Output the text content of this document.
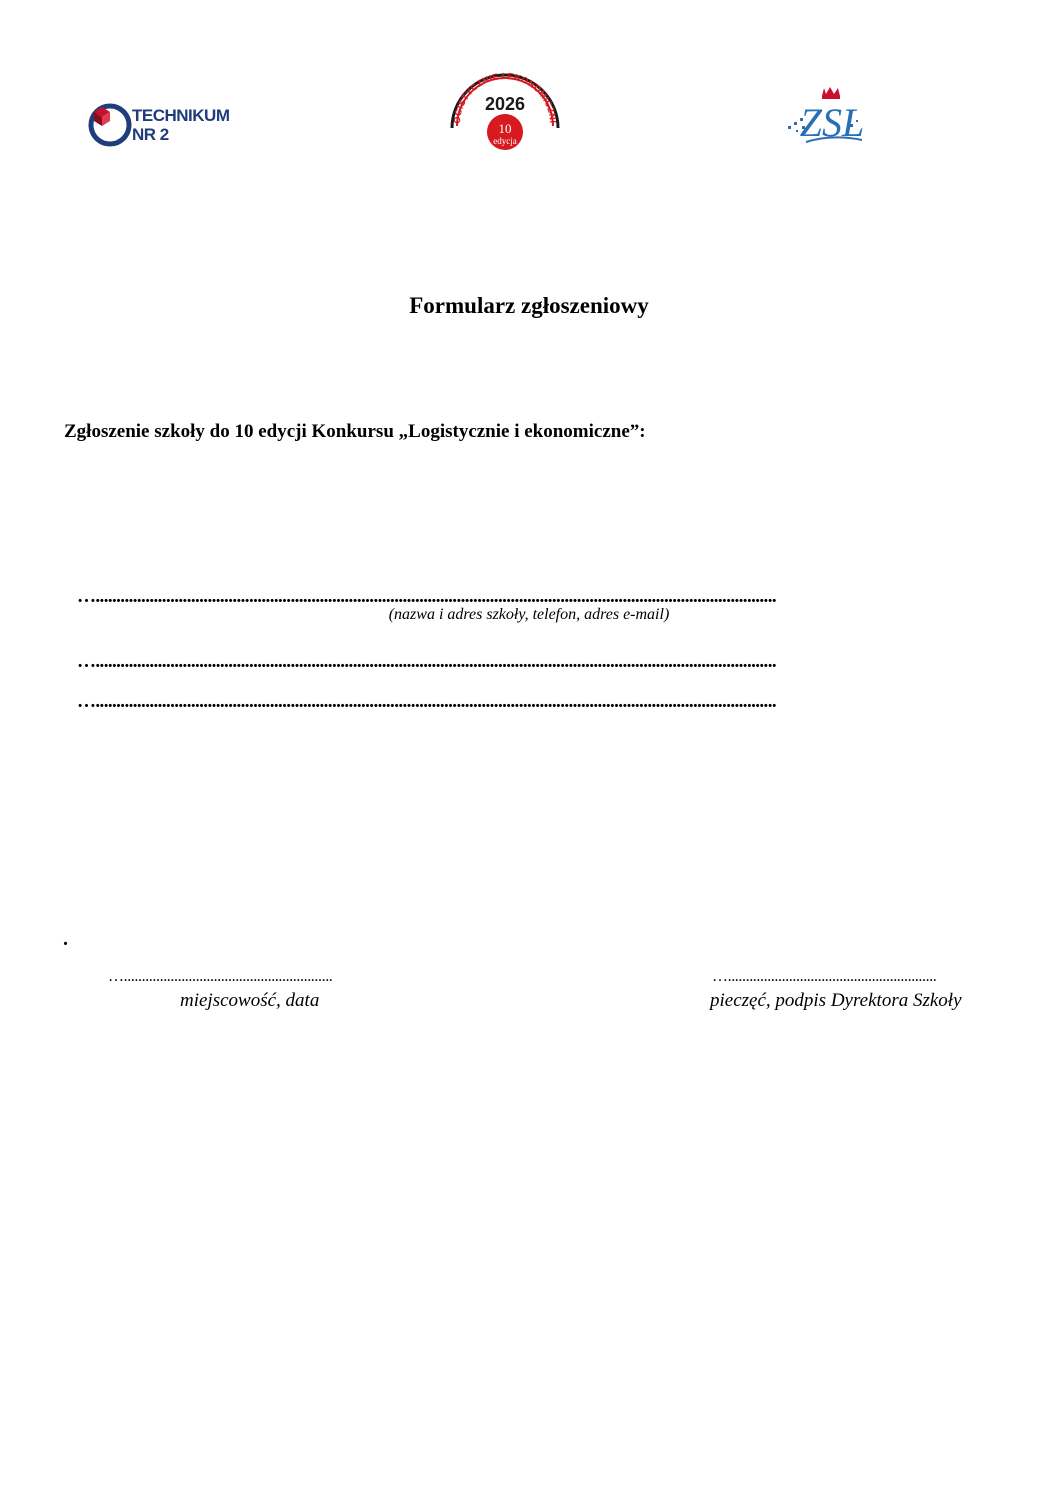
TECHNIKUM
NR 2
OGISTYCZNIE I EKONOMICZNI
2026
10
edycja	ZSL
Formularz zgłoszeniowy
Zgłoszenie szkoły do 10 edycji Konkursu „Logistycznie i ekonomiczne”:
…....................................................................................................................................................................
(nazwa i adres szkoły, telefon, adres e-mail)
…....................................................................................................................................................................
…....................................................................................................................................................................
.
…..........................................................
miejscowość, data
…..........................................................
pieczęć, podpis Dyrektora Szkoły
